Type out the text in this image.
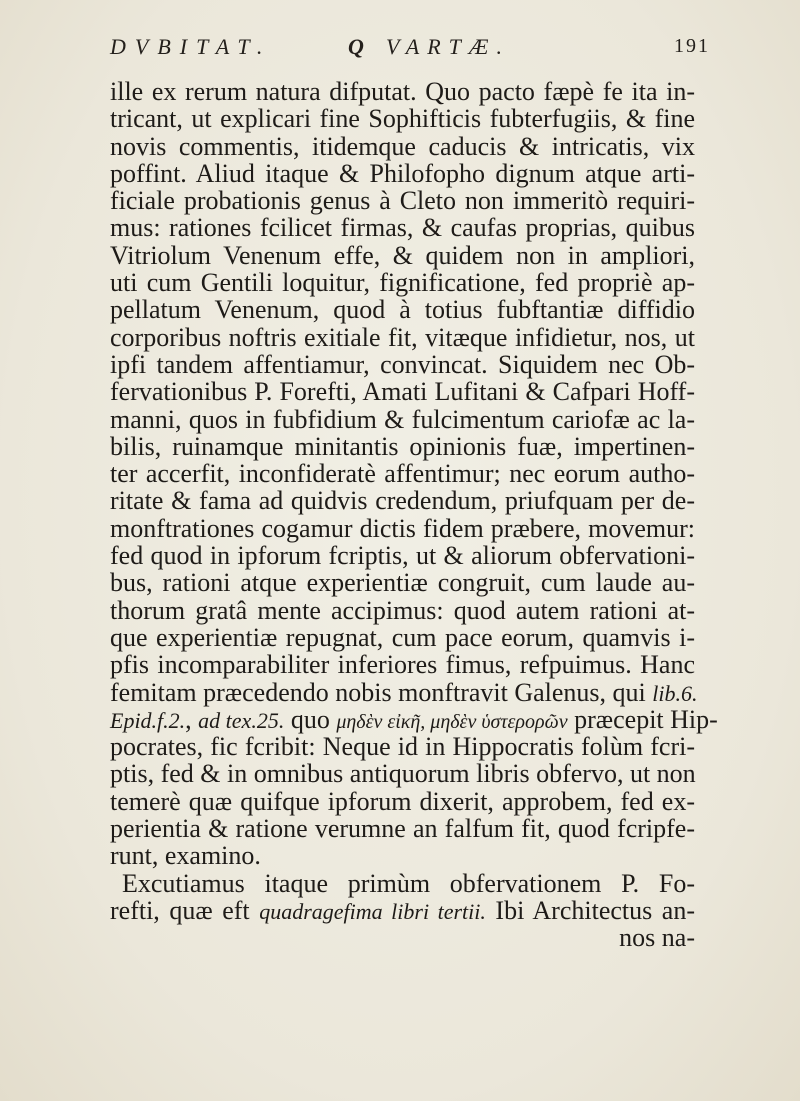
DVBITAT.	Q VARTÆ.	191
ille ex rerum natura difputat. Quo pacto fæpè fe ita in-
tricant, ut explicari fine Sophifticis fubterfugiis, & fine
novis commentis, itidemque caducis & intricatis, vix
poffint. Aliud itaque & Philofopho dignum atque arti-
ficiale probationis genus à Cleto non immeritò requiri-
mus: rationes fcilicet firmas, & caufas proprias, quibus
Vitriolum Venenum effe, & quidem non in ampliori,
uti cum Gentili loquitur, fignificatione, fed propriè ap-
pellatum Venenum, quod à totius fubftantiæ diffidio
corporibus noftris exitiale fit, vitæque infidietur, nos, ut
ipfi tandem affentiamur, convincat. Siquidem nec Ob-
fervationibus P. Forefti, Amati Lufitani & Cafpari Hoff-
manni, quos in fubfidium & fulcimentum cariofæ ac la-
bilis, ruinamque minitantis opinionis fuæ, impertinen-
ter accerfit, inconfideratè affentimur; nec eorum autho-
ritate & fama ad quidvis credendum, priufquam per de-
monftrationes cogamur dictis fidem præbere, movemur:
fed quod in ipforum fcriptis, ut & aliorum obfervationi-
bus, rationi atque experientiæ congruit, cum laude au-
thorum gratâ mente accipimus: quod autem rationi at-
que experientiæ repugnat, cum pace eorum, quamvis i-
pfis incomparabiliter inferiores fimus, refpuimus. Hanc
femitam præcedendo nobis monftravit Galenus, qui lib.6.
Epid.f.2., ad tex.25. quo μηδὲν εἰκῆ, μηδὲν ὑστερορῶν præcepit Hip-
pocrates, fic fcribit: Neque id in Hippocratis folùm fcri-
ptis, fed & in omnibus antiquorum libris obfervo, ut non
temerè quæ quifque ipforum dixerit, approbem, fed ex-
perientia & ratione verumne an falfum fit, quod fcripfe-
runt, examino.
Excutiamus itaque primùm obfervationem P. Fo-
refti, quæ eft quadragefima libri tertii. Ibi Architectus an-
nos na-
